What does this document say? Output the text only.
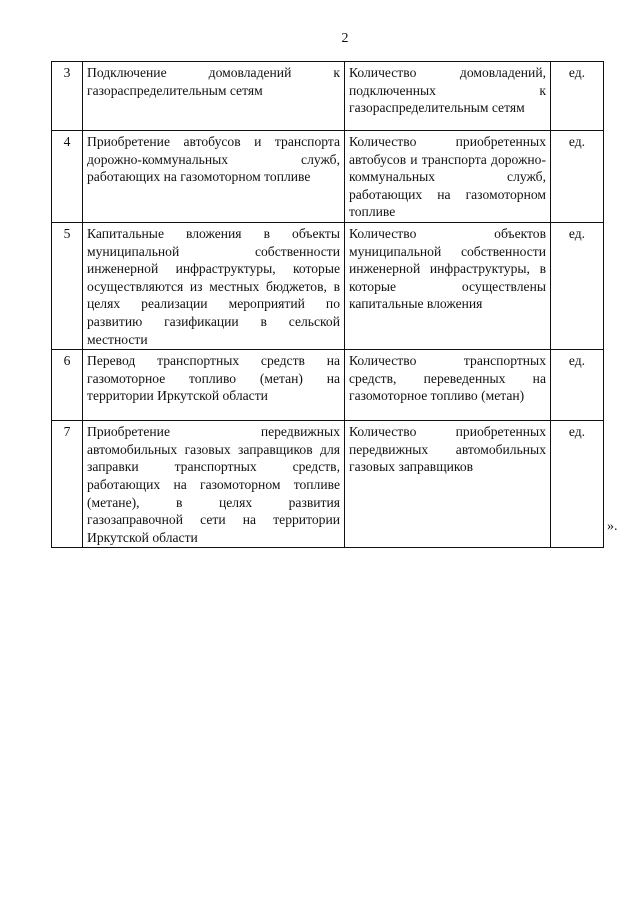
2
3	Подключение домовладений к газораспределительным сетям	Количество домовладений, подключенных к газораспределительным сетям	ед.
4	Приобретение автобусов и транспорта дорожно-коммунальных служб, работающих на газомоторном топливе	Количество приобретенных автобусов и транспорта дорожно-коммунальных служб, работающих на газомоторном топливе	ед.
5	Капитальные вложения в объекты муниципальной собственности инженерной инфраструктуры, которые осуществляются из местных бюджетов, в целях реализации мероприятий по развитию газификации в сельской местности	Количество объектов муниципальной собственности инженерной инфраструктуры, в которые осуществлены капитальные вложения	ед.
6	Перевод транспортных средств на газомоторное топливо (метан) на территории Иркутской области	Количество транспортных средств, переведенных на газомоторное топливо (метан)	ед.
7	Приобретение передвижных автомобильных газовых заправщиков для заправки транспортных средств, работающих на газомоторном топливе (метане), в целях развития газозаправочной сети на территории Иркутской области	Количество приобретенных передвижных автомобильных газовых заправщиков	ед.
».
